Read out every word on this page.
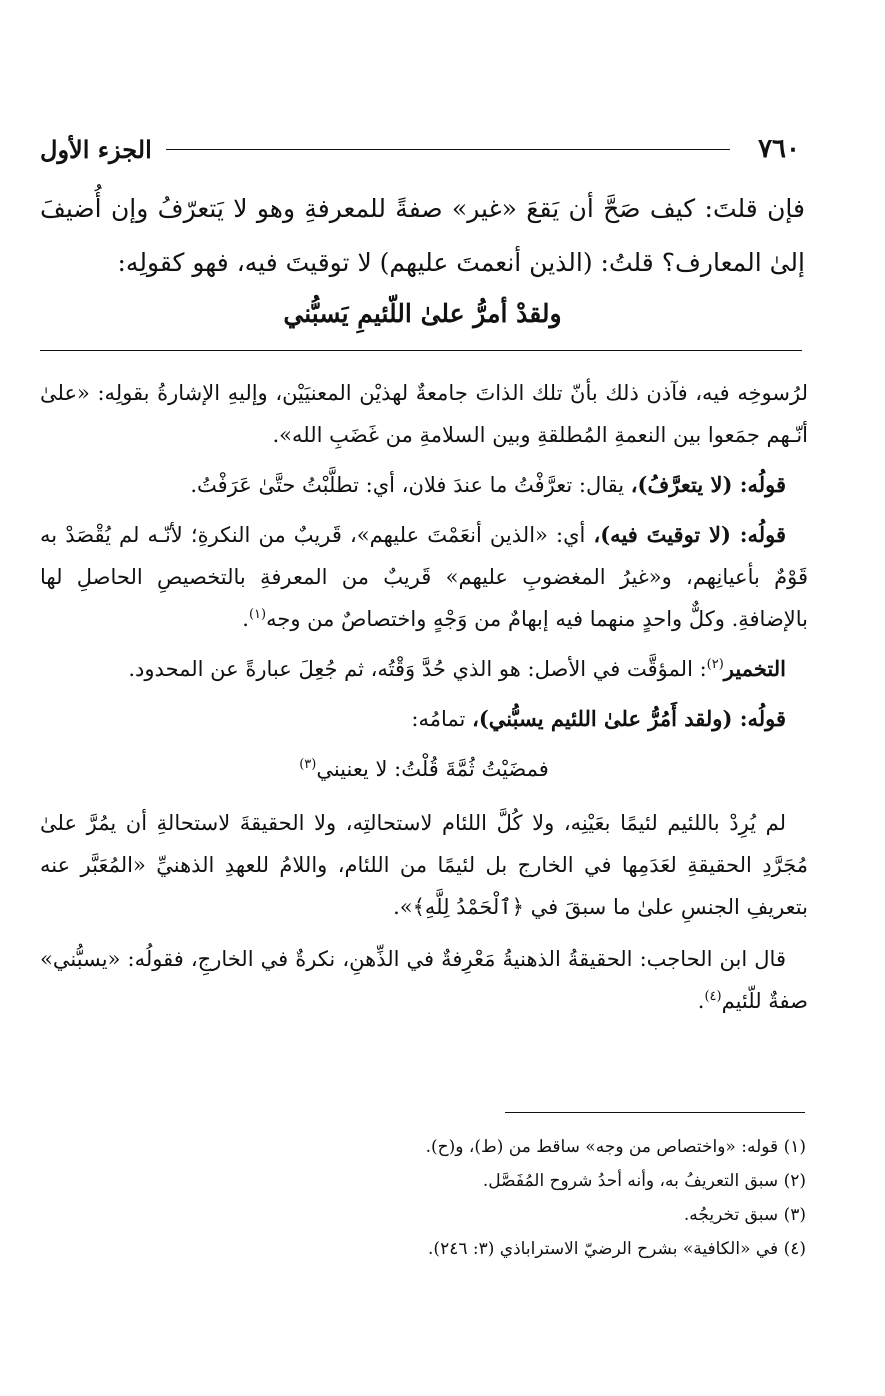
٧٦٠
الجزء الأول

فإن قلتَ: كيف صَحَّ أن يَقعَ «غير» صفةً للمعرفةِ وهو لا يَتعرّفُ وإن أُضيفَ إلىٰ المعارف؟ قلتُ: (الذين أنعمتَ عليهم) لا توقيتَ فيه، فهو كقولِه:

ولقدْ أمرُّ علىٰ اللّئيمِ يَسبُّني

لرُسوخِه فيه، فآذن ذلك بأنّ تلك الذاتَ جامعةٌ لهذيْن المعنيَيْن، وإليهِ الإشارةُ بقولِه: «علىٰ أنّـهم جمَعوا بين النعمةِ المُطلقةِ وبين السلامةِ من غَضَبِ الله».

قولُه: (لا يتعرَّفُ)، يقال: تعرَّفْتُ ما عندَ فلان، أي: تطلَّبْتُ حتَّىٰ عَرَفْتُ.

قولُه: (لا توقيتَ فيه)، أي: «الذين أنعَمْتَ عليهم»، قَريبٌ من النكرةِ؛ لأنّـه لم يُقْصَدْ به قَوْمٌ بأعيانِهم، و«غيرُ المغضوبِ عليهم» قَريبٌ من المعرفةِ بالتخصيصِ الحاصلِ لها بالإضافةِ. وكلٌّ واحدٍ منهما فيه إبهامٌ من وَجْهٍ واختصاصٌ من وجه$^{(١)}$.

التخمير$^{(٢)}$: المؤقَّت في الأصل: هو الذي حُدَّ وَقْتُه، ثم جُعِلَ عبارةً عن المحدود.

قولُه: (ولقد أَمُرُّ علىٰ اللئيم يسبُّني)، تمامُه:

فمضَيْتُ ثُمَّةَ قُلْتُ: لا يعنيني$^{(٣)}$

لم يُرِدْ باللئيم لئيمًا بعَيْنِه، ولا كُلَّ اللئام لاستحالتِه، ولا الحقيقةَ لاستحالةِ أن يمُرَّ علىٰ مُجَرَّدِ الحقيقةِ لعَدَمِها في الخارج بل لئيمًا من اللئام، واللامُ للعهدِ الذهنيِّ «المُعَبَّر عنه بتعريفِ الجنسِ علىٰ ما سبقَ في ﴿ٱلْحَمْدُ لِلَّهِ﴾».

قال ابن الحاجب: الحقيقةُ الذهنيةُ مَعْرِفةٌ في الذِّهنِ، نكرةٌ في الخارجِ، فقولُه: «يسبُّني» صفةٌ للّئيم$^{(٤)}$.

(١) قوله: «واختصاص من وجه» ساقط من (ط)، و(ح).
(٢) سبق التعريفُ به، وأنه أحدُ شروح المُفَصَّل.
(٣) سبق تخريجُه.
(٤) في «الكافية» بشرح الرضيّ الاستراباذي (٣: ٢٤٦).
